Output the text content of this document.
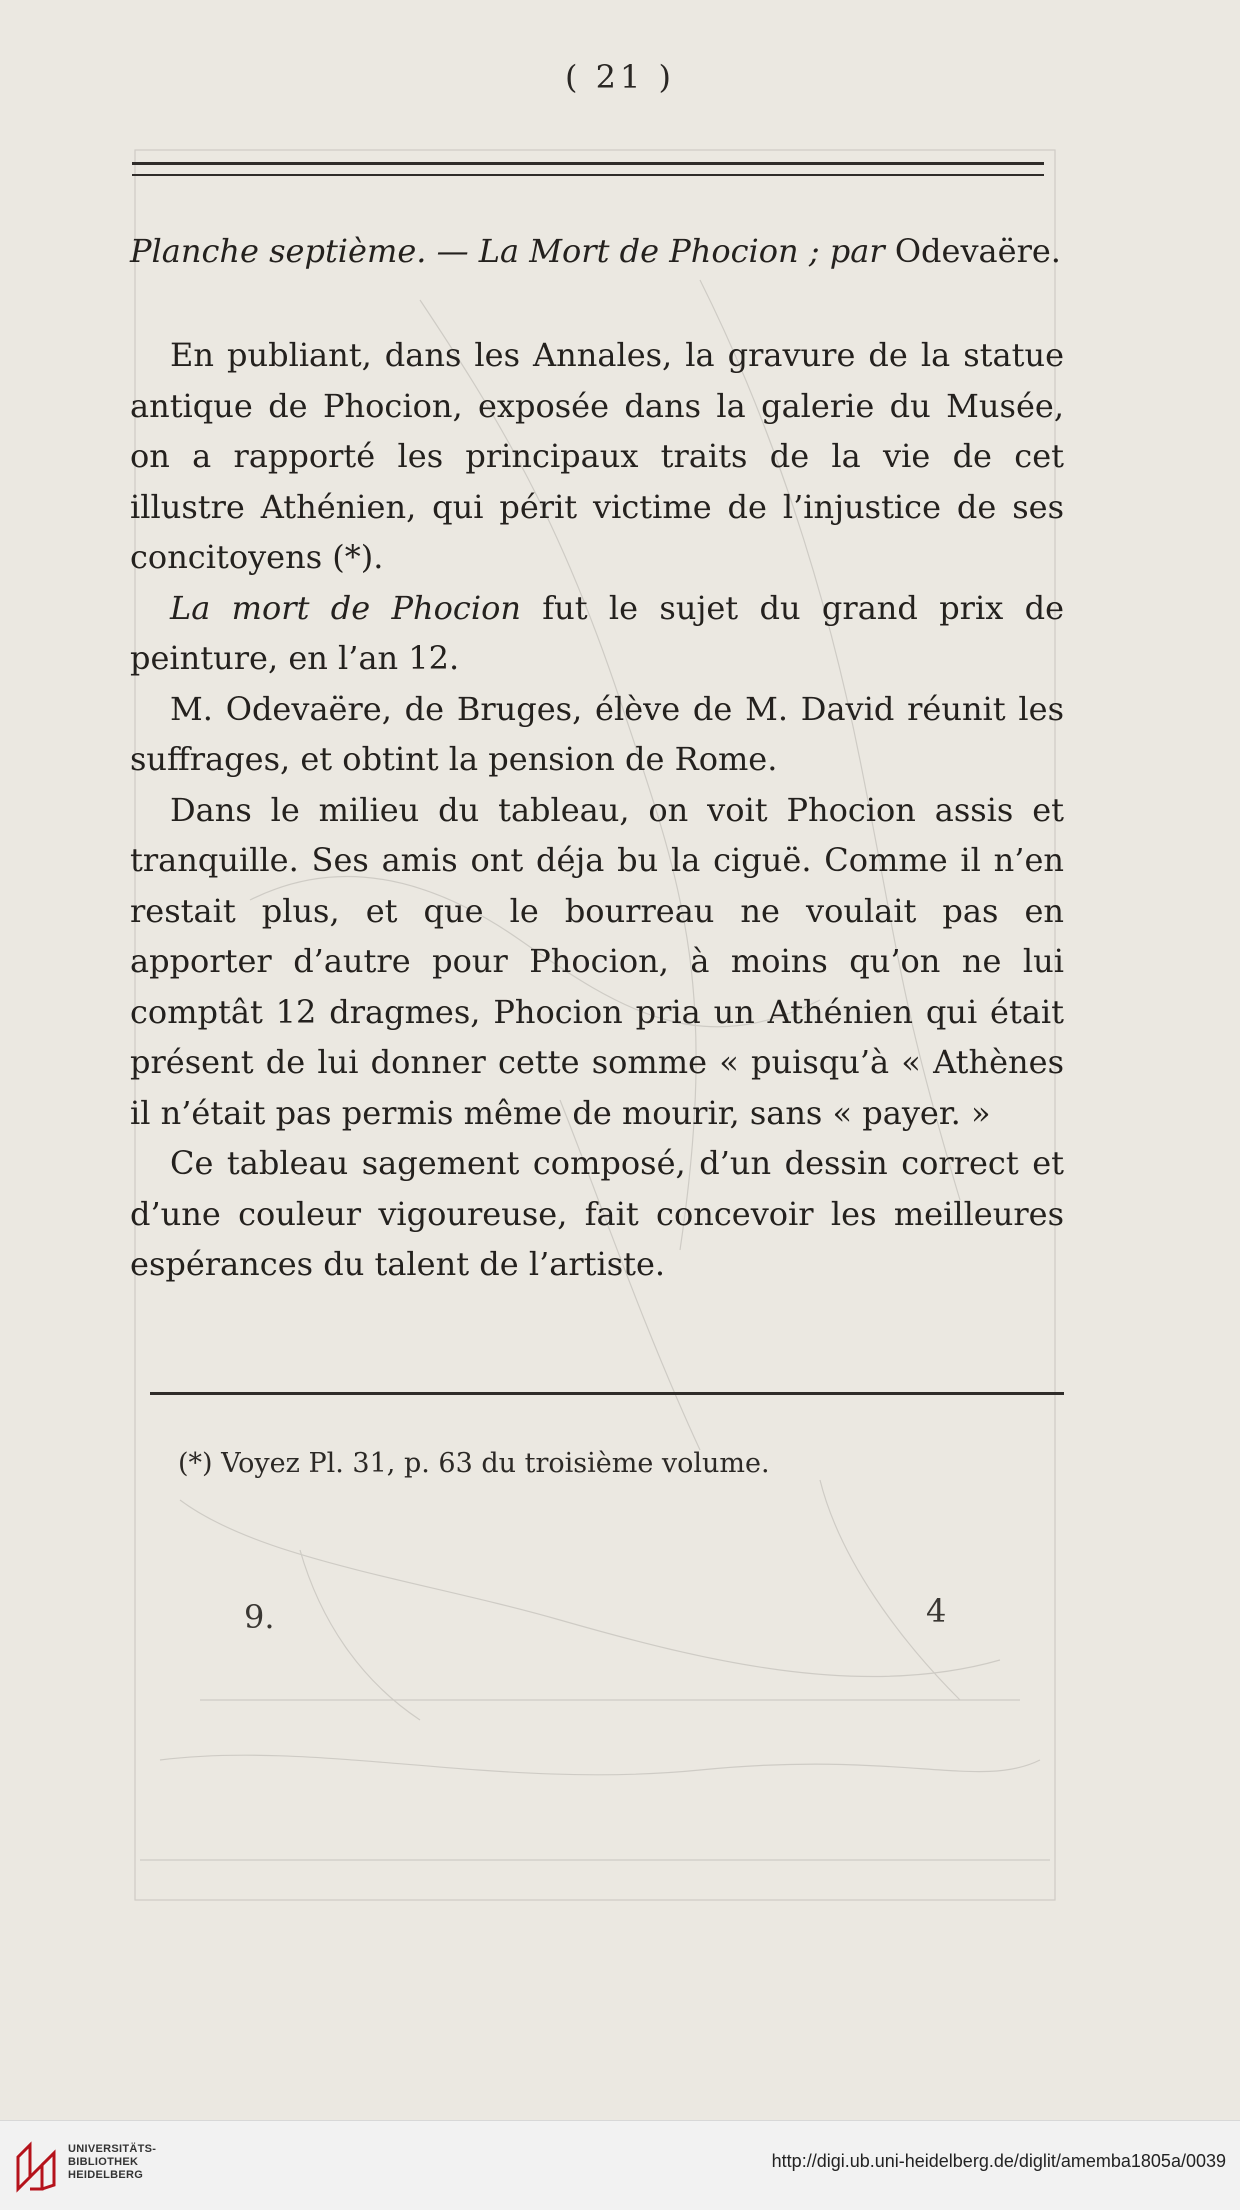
( 21 )
Planche septième. — La Mort de Phocion ; par Odevaëre.

En publiant, dans les Annales, la gravure de la statue antique de Phocion, exposée dans la galerie du Musée, on a rapporté les principaux traits de la vie de cet illustre Athénien, qui périt victime de l’injustice de ses concitoyens (*).

La mort de Phocion fut le sujet du grand prix de peinture, en l’an 12.

M. Odevaëre, de Bruges, élève de M. David réunit les suffrages, et obtint la pension de Rome.

Dans le milieu du tableau, on voit Phocion assis et tranquille. Ses amis ont déja bu la ciguë. Comme il n’en restait plus, et que le bourreau ne voulait pas en apporter d’autre pour Phocion, à moins qu’on ne lui comptât 12 dragmes, Phocion pria un Athénien qui était présent de lui donner cette somme « puisqu’à « Athènes il n’était pas permis même de mourir, sans « payer. »

Ce tableau sagement composé, d’un dessin correct et d’une couleur vigoureuse, fait concevoir les meilleures espérances du talent de l’artiste.

(*) Voyez Pl. 31, p. 63 du troisième volume.
9.
UNIVERSITÄTS-
BIBLIOTHEK
HEIDELBERG
http://digi.ub.uni-heidelberg.de/diglit/amemba1805a/0039
4
